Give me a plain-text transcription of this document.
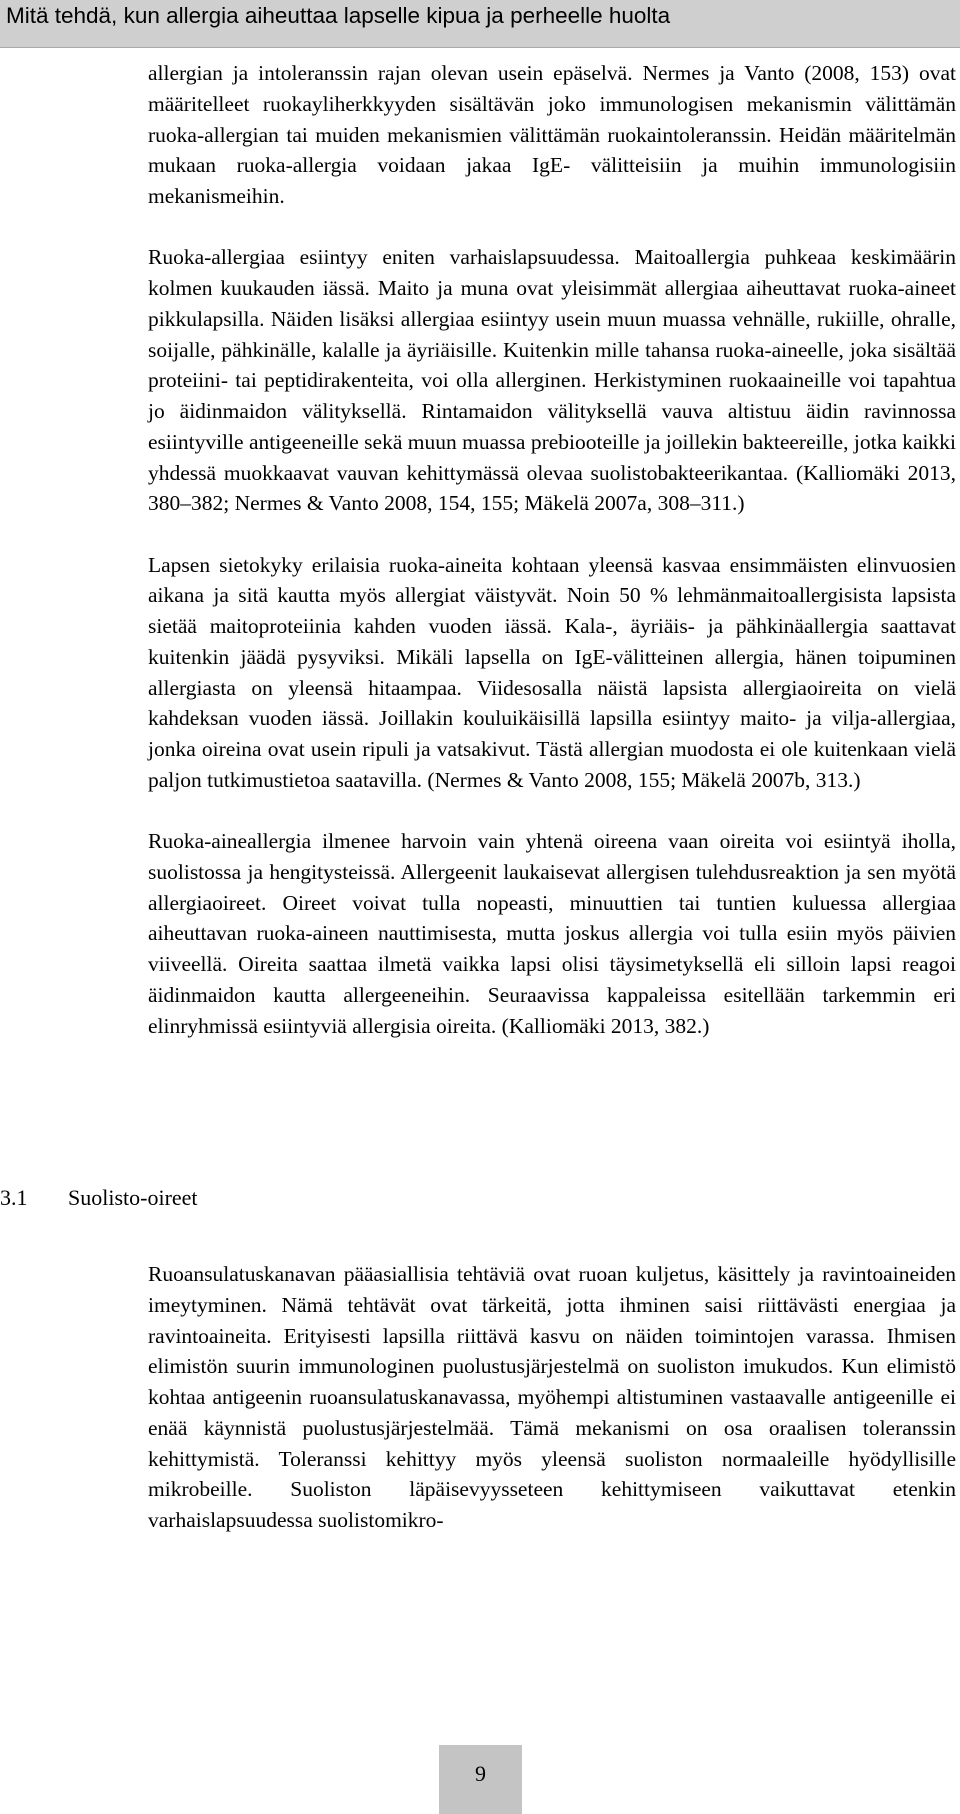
Mitä tehdä, kun allergia aiheuttaa lapselle kipua ja perheelle huolta

allergian ja intoleranssin rajan olevan usein epäselvä. Nermes ja Vanto (2008, 153) ovat määritelleet ruokayliherkkyyden sisältävän joko immunologisen mekanismin välittämän ruoka-allergian tai muiden mekanismien välittämän ruokaintoleranssin. Heidän määritelmän mukaan ruoka-allergia voidaan jakaa IgE- välitteisiin ja muihin immunologisiin mekanismeihin.

Ruoka-allergiaa esiintyy eniten varhaislapsuudessa. Maitoallergia puhkeaa keskimäärin kolmen kuukauden iässä. Maito ja muna ovat yleisimmät allergiaa aiheuttavat ruoka-aineet pikkulapsilla. Näiden lisäksi allergiaa esiintyy usein muun muassa vehnälle, rukiille, ohralle, soijalle, pähkinälle, kalalle ja äyriäisille. Kuitenkin mille tahansa ruoka-aineelle, joka sisältää proteiini- tai peptidirakenteita, voi olla allerginen. Herkistyminen ruokaaineille voi tapahtua jo äidinmaidon välityksellä. Rintamaidon välityksellä vauva altistuu äidin ravinnossa esiintyville antigeeneille sekä muun muassa prebiooteille ja joillekin bakteereille, jotka kaikki yhdessä muokkaavat vauvan kehittymässä olevaa suolistobakteerikantaa. (Kalliomäki 2013, 380–382; Nermes & Vanto 2008, 154, 155; Mäkelä 2007a, 308–311.)

Lapsen sietokyky erilaisia ruoka-aineita kohtaan yleensä kasvaa ensimmäisten elinvuosien aikana ja sitä kautta myös allergiat väistyvät. Noin 50 % lehmänmaitoallergisista lapsista sietää maitoproteiinia kahden vuoden iässä. Kala-, äyriäis- ja pähkinäallergia saattavat kuitenkin jäädä pysyviksi. Mikäli lapsella on IgE-välitteinen allergia, hänen toipuminen allergiasta on yleensä hitaampaa. Viidesosalla näistä lapsista allergiaoireita on vielä kahdeksan vuoden iässä. Joillakin kouluikäisillä lapsilla esiintyy maito- ja vilja-allergiaa, jonka oireina ovat usein ripuli ja vatsakivut. Tästä allergian muodosta ei ole kuitenkaan vielä paljon tutkimustietoa saatavilla. (Nermes & Vanto 2008, 155; Mäkelä 2007b, 313.)

Ruoka-aineallergia ilmenee harvoin vain yhtenä oireena vaan oireita voi esiintyä iholla, suolistossa ja hengitysteissä. Allergeenit laukaisevat allergisen tulehdusreaktion ja sen myötä allergiaoireet. Oireet voivat tulla nopeasti, minuuttien tai tuntien kuluessa allergiaa aiheuttavan ruoka-aineen nauttimisesta, mutta joskus allergia voi tulla esiin myös päivien viiveellä. Oireita saattaa ilmetä vaikka lapsi olisi täysimetyksellä eli silloin lapsi reagoi äidinmaidon kautta allergeeneihin. Seuraavissa kappaleissa esitellään tarkemmin eri elinryhmissä esiintyviä allergisia oireita. (Kalliomäki 2013, 382.)

3.1 Suolisto-oireet

Ruoansulatuskanavan pääasiallisia tehtäviä ovat ruoan kuljetus, käsittely ja ravintoaineiden imeytyminen. Nämä tehtävät ovat tärkeitä, jotta ihminen saisi riittävästi energiaa ja ravintoaineita. Erityisesti lapsilla riittävä kasvu on näiden toimintojen varassa. Ihmisen elimistön suurin immunologinen puolustusjärjestelmä on suoliston imukudos. Kun elimistö kohtaa antigeenin ruoansulatuskanavassa, myöhempi altistuminen vastaavalle antigeenille ei enää käynnistä puolustusjärjestelmää. Tämä mekanismi on osa oraalisen toleranssin kehittymistä. Toleranssi kehittyy myös yleensä suoliston normaaleille hyödyllisille mikrobeille. Suoliston läpäisevyysseteen kehittymiseen vaikuttavat etenkin varhaislapsuudessa suolistomikro-

9
